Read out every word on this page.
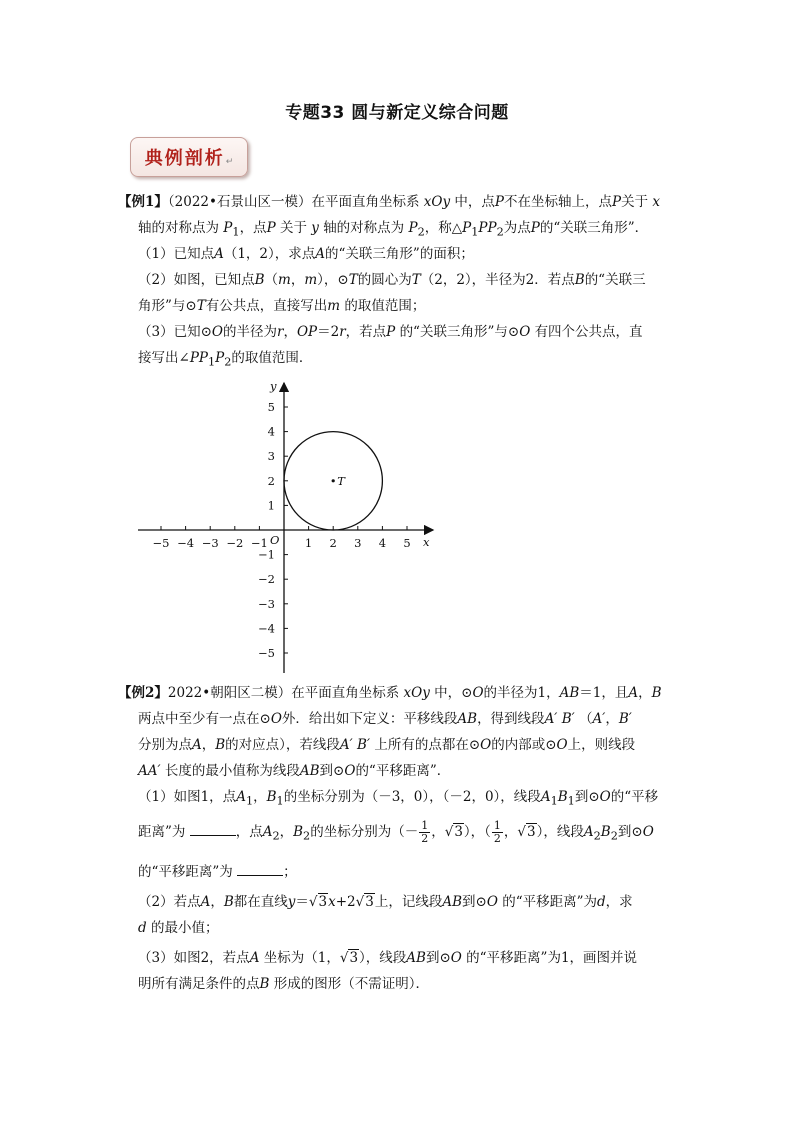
专题33 圆与新定义综合问题
典例剖析 ↵
【例1】（2022•石景山区一模）在平面直角坐标系 xOy 中，点P不在坐标轴上，点P关于 x
轴的对称点为 $P_1$，点P 关于 y 轴的对称点为 $P_2$，称$\triangle P_1PP_2$为点P的“关联三角形”．
（1）已知点A（1，2），求点A的“关联三角形”的面积；
（2）如图，已知点B（m，m），⊙T的圆心为T（2，2），半径为2．若点B的“关联三
角形”与⊙T有公共点，直接写出m 的取值范围；
（3）已知⊙O的半径为r，OP＝2r，若点P 的“关联三角形”与⊙O 有四个公共点，直
接写出$\angle PP_1P_2$的取值范围．
−5 −4 −3 −2 −1	1 2 3 4 5
5
4
3
2
1
−1
−2
−3
−4
−5
T
O	x
y
【例2】2022•朝阳区二模）在平面直角坐标系 xOy 中，⊙O的半径为1，AB＝1，且A，B
两点中至少有一点在⊙O外．给出如下定义：平移线段AB，得到线段A′ B′ （A′，B′
分别为点A，B的对应点），若线段A′ B′ 上所有的点都在⊙O的内部或⊙O上，则线段
AA′ 长度的最小值称为线段AB到⊙O的“平移距离”．
（1）如图1，点$A_1$，$B_1$的坐标分别为（－3，0），（－2，0），线段$A_1B_1$到⊙O的“平移
距离”为	，点$A_2$，$B_2$的坐标分别为（－ $\frac{1}{2}$ ，√3），（ $\frac{1}{2}$ ，√3），线段$A_2B_2$到⊙O
的“平移距离”为	；
（2）若点A，B都在直线y＝√3x+2√3上，记线段AB到⊙O 的“平移距离”为d，求
d 的最小值；
（3）如图2，若点A 坐标为（1，√3），线段AB到⊙O 的“平移距离”为1，画图并说
明所有满足条件的点B 形成的图形（不需证明）．
